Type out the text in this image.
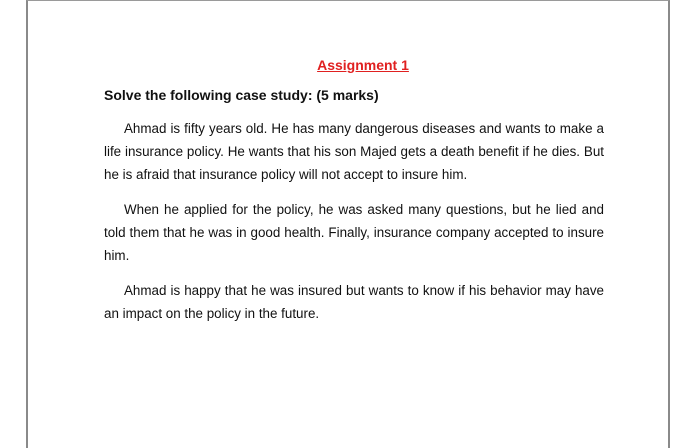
Assignment 1
Solve the following case study: (5 marks)

Ahmad is fifty years old. He has many dangerous diseases and wants to make a life insurance policy. He wants that his son Majed gets a death benefit if he dies. But he is afraid that insurance policy will not accept to insure him.

When he applied for the policy, he was asked many questions, but he lied and told them that he was in good health. Finally, insurance company accepted to insure him.

Ahmad is happy that he was insured but wants to know if his behavior may have an impact on the policy in the future.
